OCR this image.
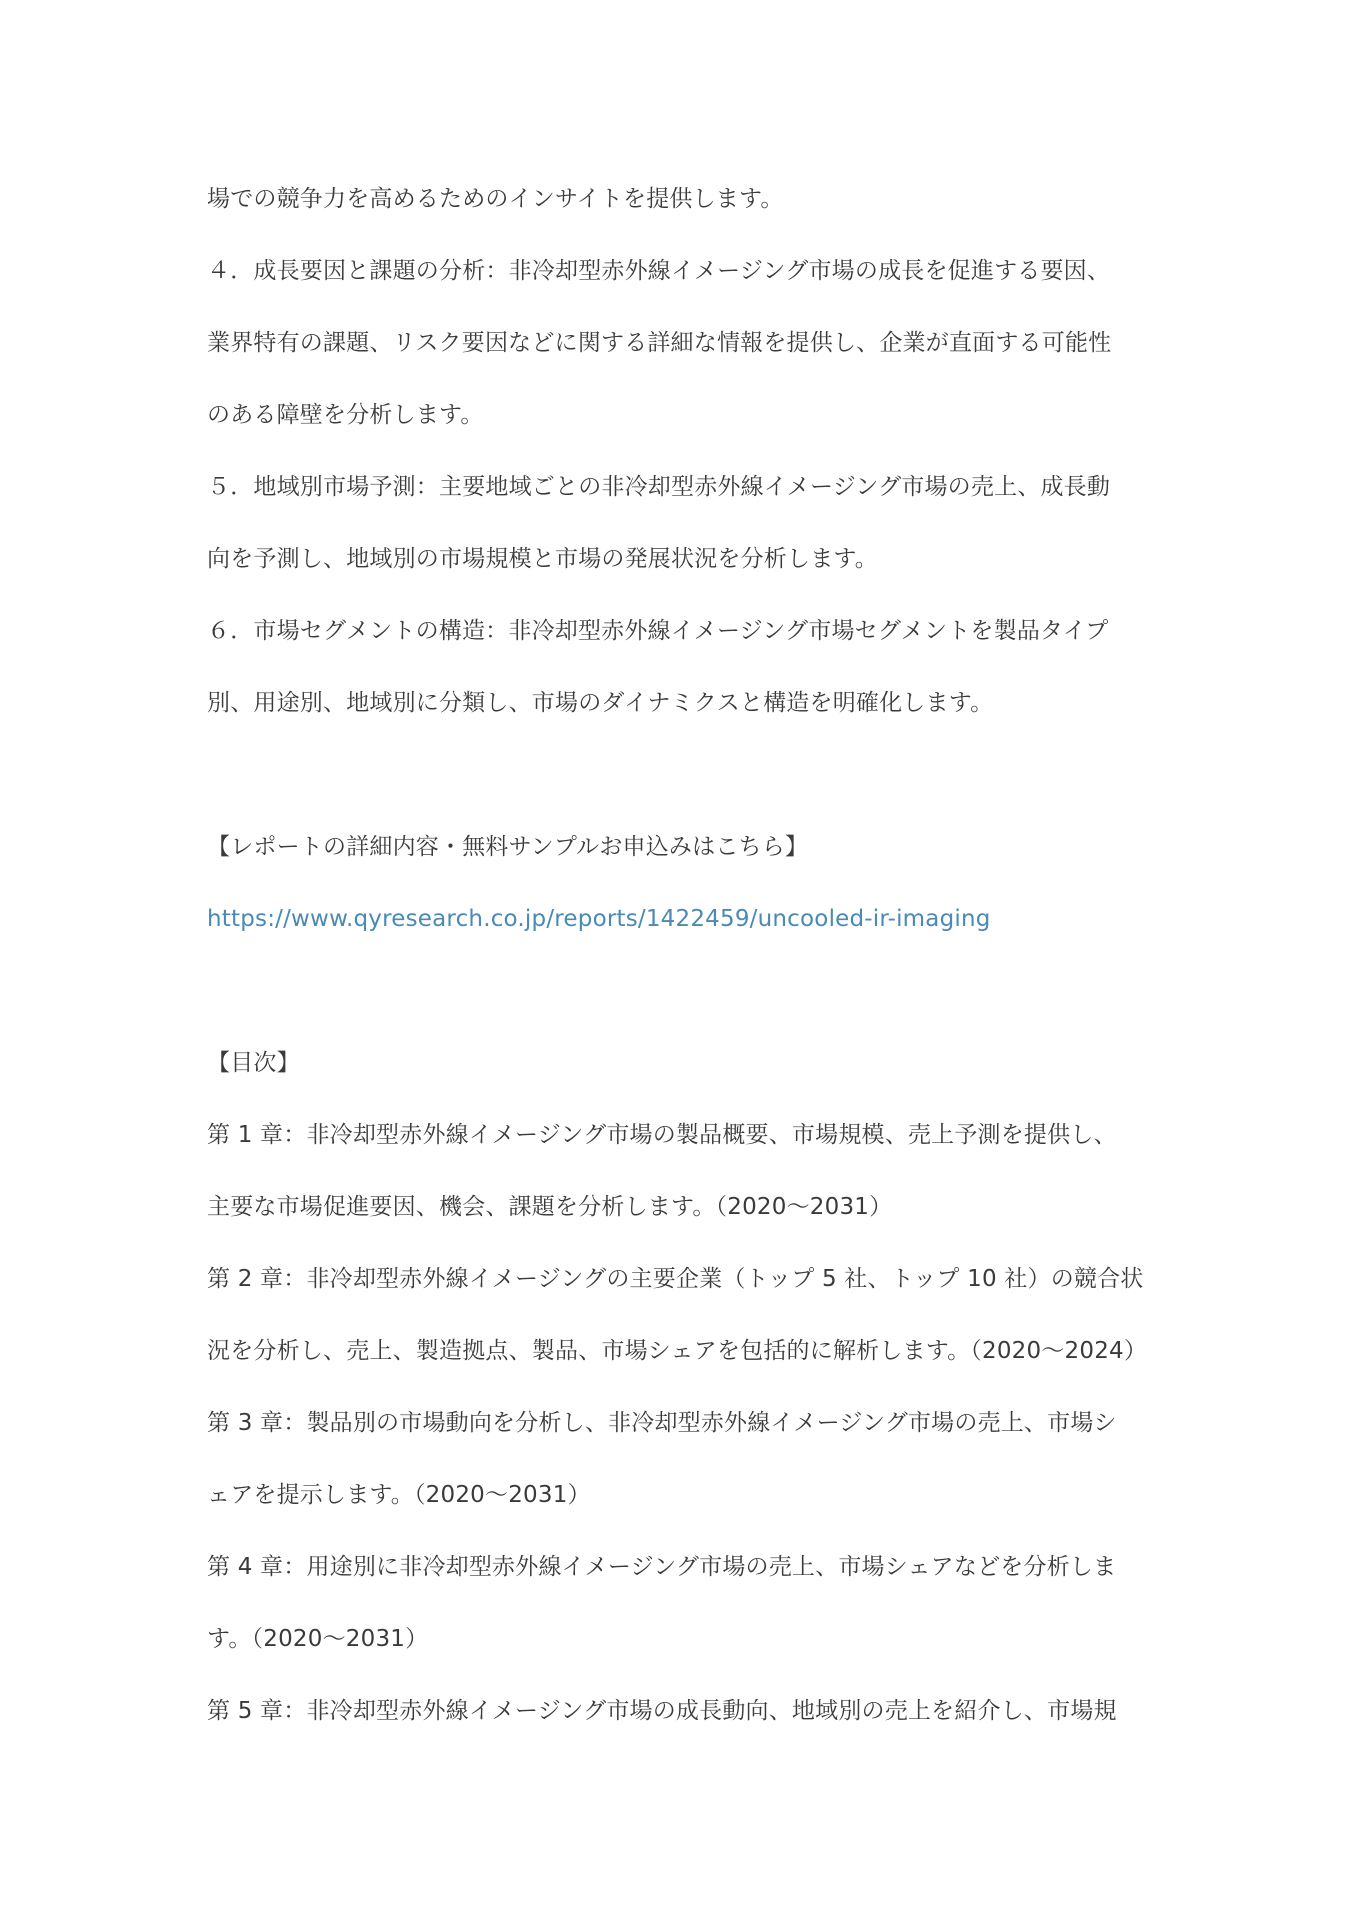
場での競争力を高めるためのインサイトを提供します。
４．成長要因と課題の分析：非冷却型赤外線イメージング市場の成長を促進する要因、
業界特有の課題、リスク要因などに関する詳細な情報を提供し、企業が直面する可能性
のある障壁を分析します。
５．地域別市場予測：主要地域ごとの非冷却型赤外線イメージング市場の売上、成長動
向を予測し、地域別の市場規模と市場の発展状況を分析します。
６．市場セグメントの構造：非冷却型赤外線イメージング市場セグメントを製品タイプ
別、用途別、地域別に分類し、市場のダイナミクスと構造を明確化します。
【レポートの詳細内容・無料サンプルお申込みはこちら】
https://www.qyresearch.co.jp/reports/1422459/uncooled-ir-imaging
【目次】
第 1 章：非冷却型赤外線イメージング市場の製品概要、市場規模、売上予測を提供し、
主要な市場促進要因、機会、課題を分析します。（2020～2031）
第 2 章：非冷却型赤外線イメージングの主要企業（トップ 5 社、トップ 10 社）の競合状
況を分析し、売上、製造拠点、製品、市場シェアを包括的に解析します。（2020～2024）
第 3 章：製品別の市場動向を分析し、非冷却型赤外線イメージング市場の売上、市場シ
ェアを提示します。（2020～2031）
第 4 章：用途別に非冷却型赤外線イメージング市場の売上、市場シェアなどを分析しま
す。（2020～2031）
第 5 章：非冷却型赤外線イメージング市場の成長動向、地域別の売上を紹介し、市場規
